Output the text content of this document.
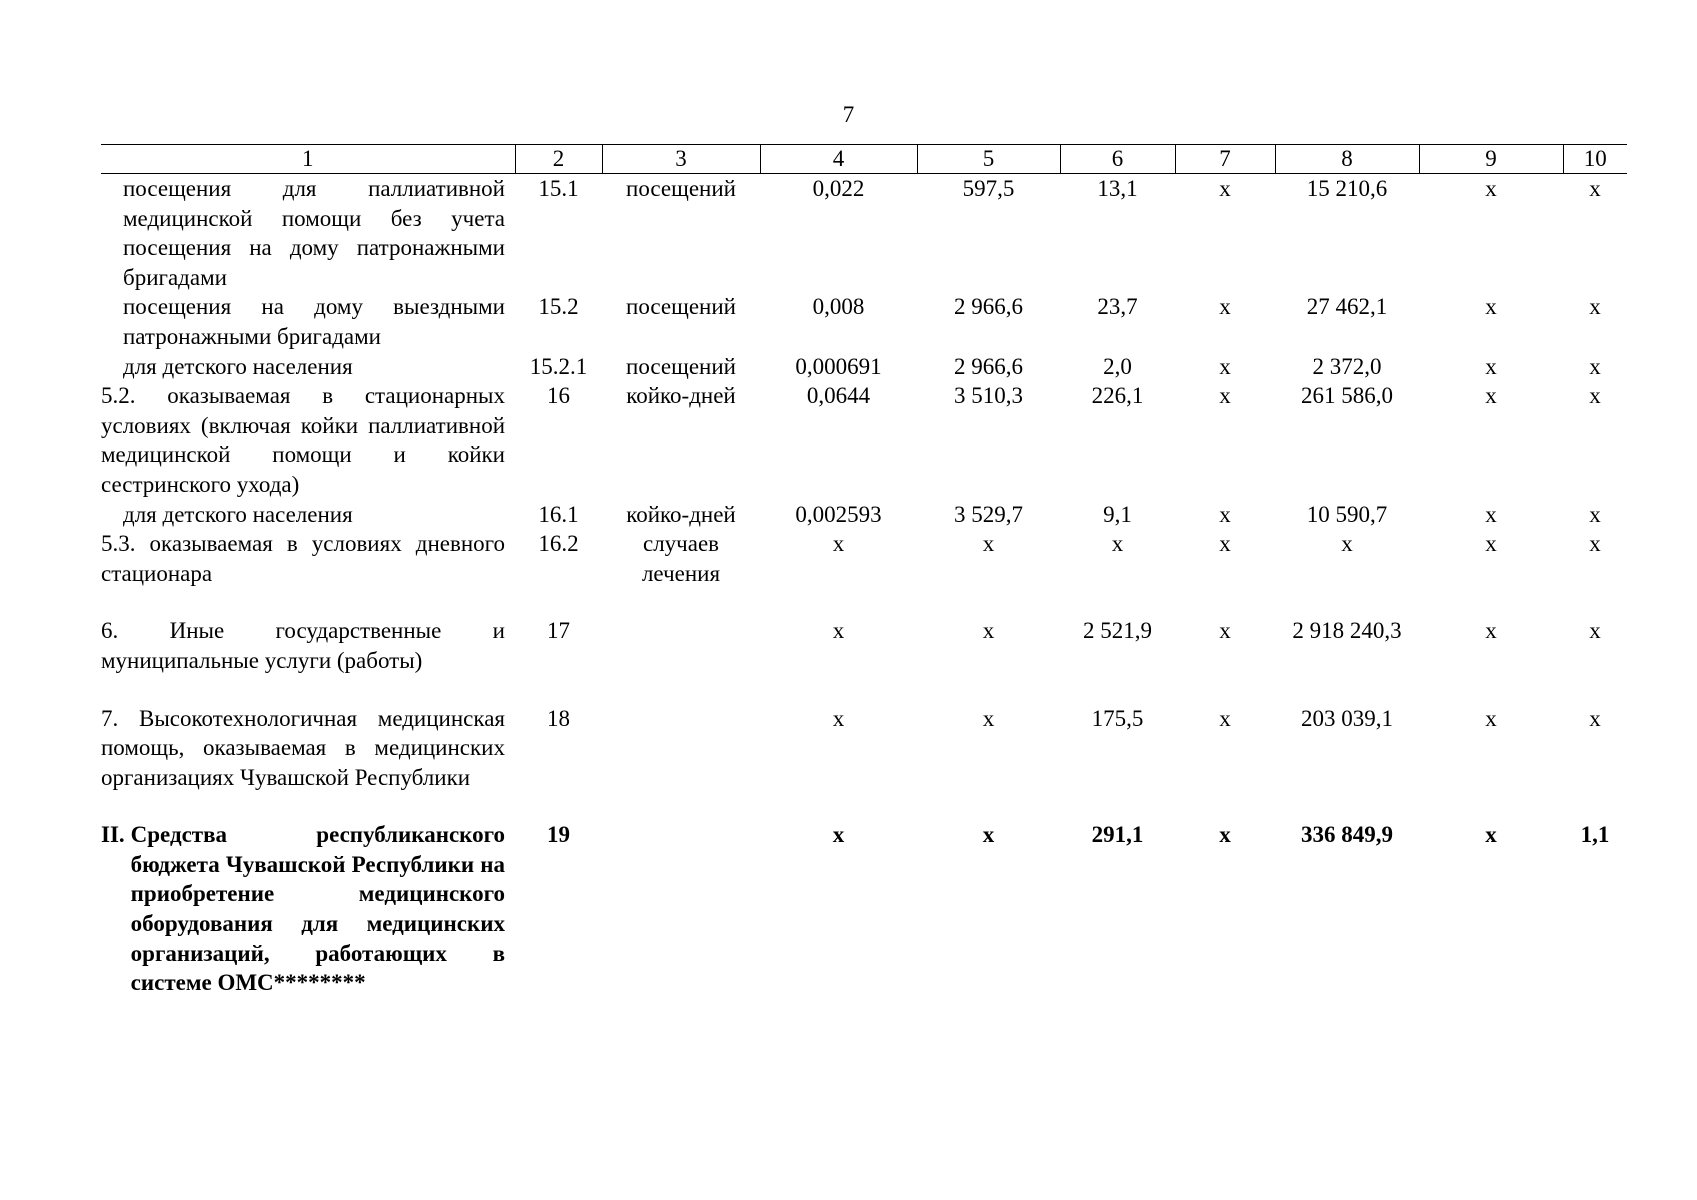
7
1	2	3	4	5	6	7	8	9	10

посещения для паллиативной медицинской помощи без учета посещения на дому патронажными бригадами	15.1	посещений	0,022	597,5	13,1	х	15 210,6	х	х

посещения на дому выездными патронажными бригадами	15.2	посещений	0,008	2 966,6	23,7	х	27 462,1	х	х

для детского населения	15.2.1	посещений	0,000691	2 966,6	2,0	х	2 372,0	х	х

5.2. оказываемая в стационарных условиях (включая койки паллиативной медицинской помощи и койки сестринского ухода)	16	койко-дней	0,0644	3 510,3	226,1	х	261 586,0	х	х

для детского населения	16.1	койко-дней	0,002593	3 529,7	9,1	х	10 590,7	х	х

5.3. оказываемая в условиях дневного стационара	16.2	случаев лечения	х	х	х	х	х	х	х

6. Иные государственные и муниципальные услуги (работы)	17		х	х	2 521,9	х	2 918 240,3	х	х

7. Высокотехнологичная медицинская помощь, оказываемая в медицинских организациях Чувашской Республики	18		х	х	175,5	х	203 039,1	х	х

II. Средства республиканского бюджета Чувашской Республики на приобретение медицинского оборудования для медицинских организаций, работающих в системе ОМС********	19		х	х	291,1	х	336 849,9	х	1,1
